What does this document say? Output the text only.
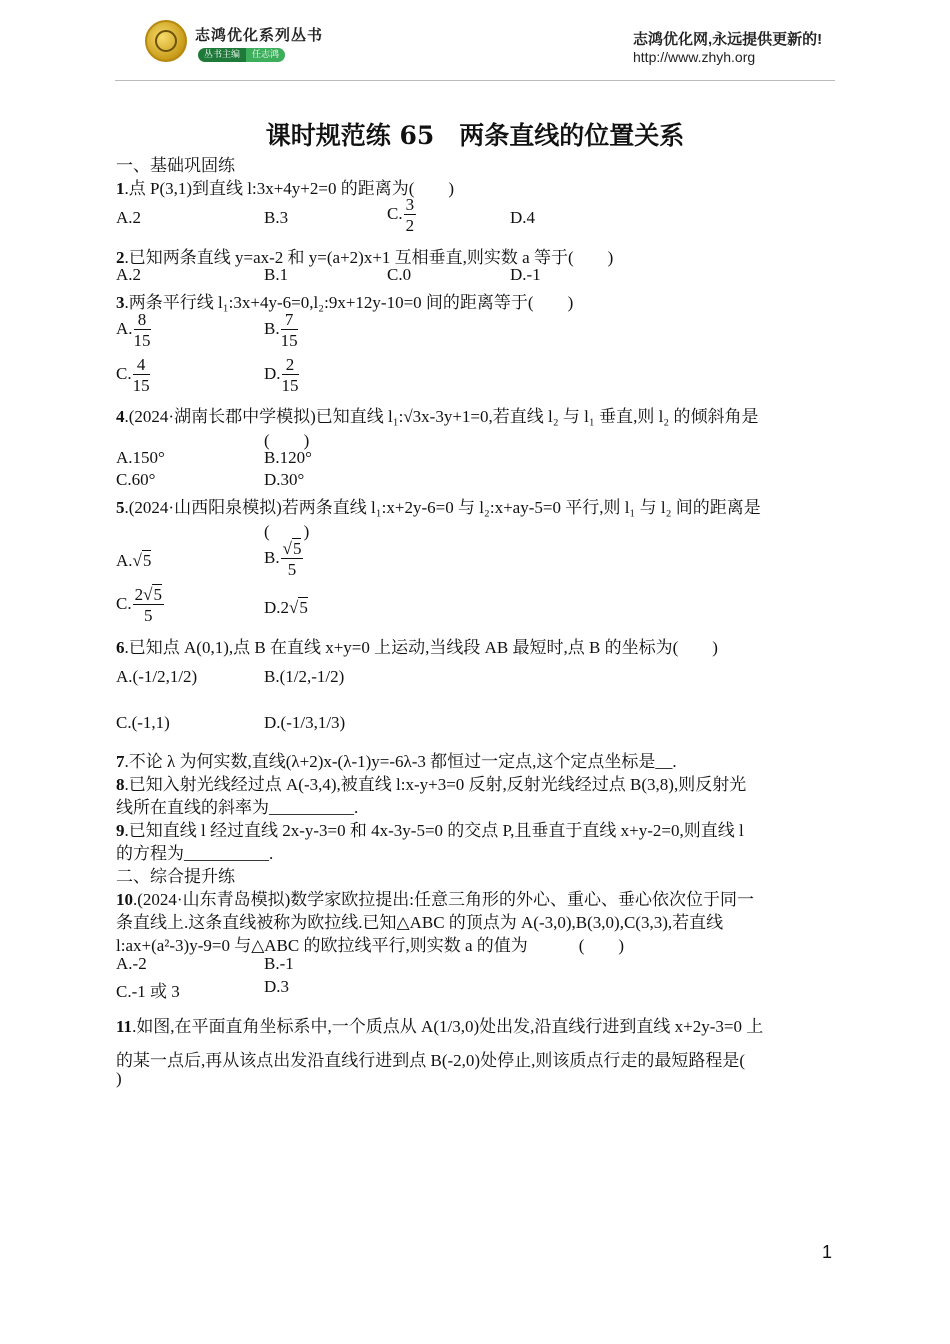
志鸿优化系列丛书
丛书主编	任志鸿
志鸿优化网,永远提供更新的!
http://www.zhyh.org
课时规范练 65　两条直线的位置关系
一、基础巩固练
1.点 P(3,1)到直线 l:3x+4y+2=0 的距离为(　　)
A.2	B.3	C. $\frac{3}{2}$	D.4
2.已知两条直线 y=ax-2 和 y=(a+2)x+1 互相垂直,则实数 a 等于(　　)
A.2	B.1	C.0	D.-1
3.两条平行线 l₁:3x+4y-6=0,l₂:9x+12y-10=0 间的距离等于(　　)
A. $\frac{8}{15}$	B. $\frac{7}{15}$
C. $\frac{4}{15}$	D. $\frac{2}{15}$
4.(2024·湖南长郡中学模拟)已知直线 l₁:√3x-3y+1=0,若直线 l₂ 与 l₁ 垂直,则 l₂ 的倾斜角是
(　　)
A.150°	B.120°
C.60°	D.30°
5.(2024·山西阳泉模拟)若两条直线 l₁:x+2y-6=0 与 l₂:x+ay-5=0 平行,则 l₁ 与 l₂ 间的距离是
(　　)
A.√5	B. $\frac{√5}{5}$
C. $\frac{2√5}{5}$	D.2√5
6.已知点 A(0,1),点 B 在直线 x+y=0 上运动,当线段 AB 最短时,点 B 的坐标为(　　)
A.(-1/2,1/2)	B.(1/2,-1/2)
C.(-1,1)	D.(-1/3,1/3)
7.不论 λ 为何实数,直线(λ+2)x-(λ-1)y=-6λ-3 都恒过一定点,这个定点坐标是__.
8.已知入射光线经过点 A(-3,4),被直线 l:x-y+3=0 反射,反射光线经过点 B(3,8),则反射光
线所在直线的斜率为__________.
9.已知直线 l 经过直线 2x-y-3=0 和 4x-3y-5=0 的交点 P,且垂直于直线 x+y-2=0,则直线 l
的方程为__________.
二、综合提升练
10.(2024·山东青岛模拟)数学家欧拉提出:任意三角形的外心、重心、垂心依次位于同一
条直线上.这条直线被称为欧拉线.已知△ABC 的顶点为 A(-3,0),B(3,0),C(3,3),若直线
l:ax+(a²-3)y-9=0 与△ABC 的欧拉线平行,则实数 a 的值为　　　(　　)
A.-2	B.-1
C.-1 或 3	D.3
11.如图,在平面直角坐标系中,一个质点从 A(1/3,0)处出发,沿直线行进到直线 x+2y-3=0 上
的某一点后,再从该点出发沿直线行进到点 B(-2,0)处停止,则该质点行走的最短路程是(
)
1
